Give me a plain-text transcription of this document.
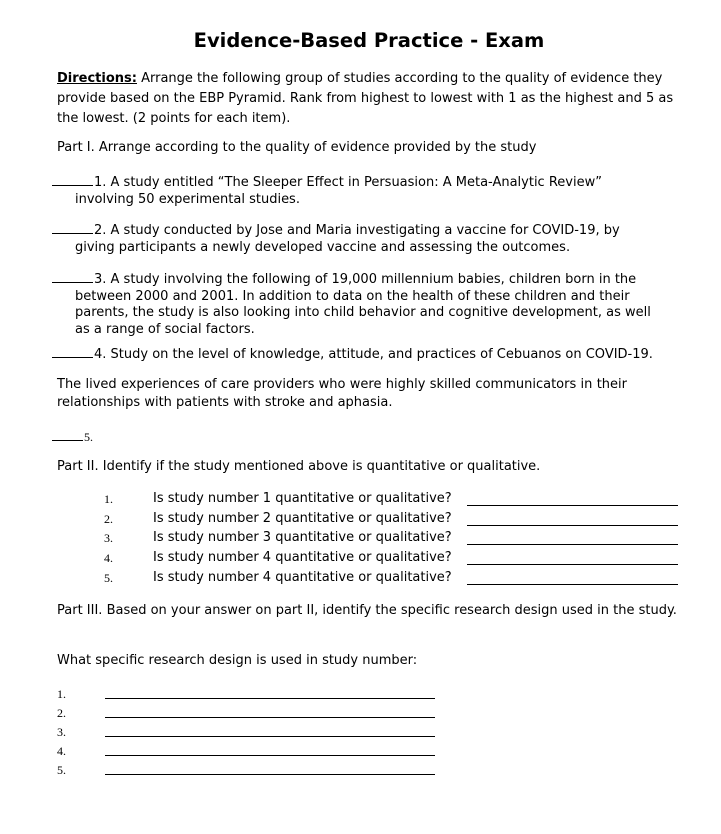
Evidence-Based Practice - Exam
Directions: Arrange the following group of studies according to the quality of evidence they provide based on the EBP Pyramid. Rank from highest to lowest with 1 as the highest and 5 as the lowest. (2 points for each item).
Part I. Arrange according to the quality of evidence provided by the study
1. A study entitled “The Sleeper Effect in Persuasion: A Meta-Analytic Review”
involving 50 experimental studies.
2. A study conducted by Jose and Maria investigating a vaccine for COVID-19, by
giving participants a newly developed vaccine and assessing the outcomes.
3. A study involving the following of 19,000 millennium babies, children born in the
between 2000 and 2001. In addition to data on the health of these children and their parents, the study is also looking into child behavior and cognitive development, as well as a range of social factors.
4. Study on the level of knowledge, attitude, and practices of Cebuanos on COVID-19.
The lived experiences of care providers who were highly skilled communicators in their relationships with patients with stroke and aphasia.
5.
Part II. Identify if the study mentioned above is quantitative or qualitative.
1.	Is study number 1 quantitative or qualitative?
2.	Is study number 2 quantitative or qualitative?
3.	Is study number 3 quantitative or qualitative?
4.	Is study number 4 quantitative or qualitative?
5.	Is study number 4 quantitative or qualitative?
Part III. Based on your answer on part II, identify the specific research design used in the study.
What specific research design is used in study number:
1.
2.
3.
4.
5.
